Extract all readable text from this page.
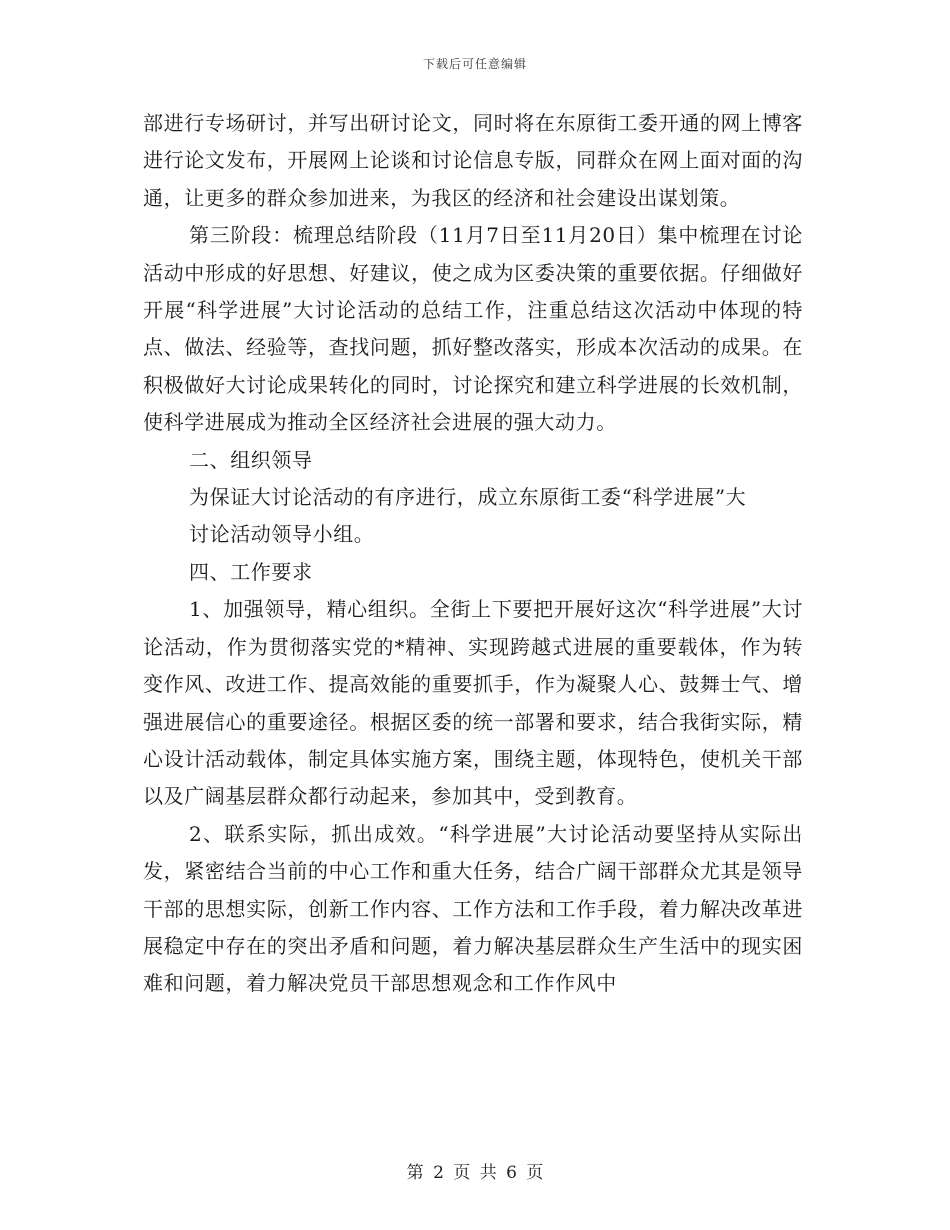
下载后可任意编辑

部进行专场研讨，并写出研讨论文，同时将在东原街工委开通的网上博客进行论文发布，开展网上论谈和讨论信息专版，同群众在网上面对面的沟通，让更多的群众参加进来，为我区的经济和社会建设出谋划策。

第三阶段：梳理总结阶段（11月7日至11月20日）集中梳理在讨论活动中形成的好思想、好建议，使之成为区委决策的重要依据。仔细做好开展“科学进展”大讨论活动的总结工作，注重总结这次活动中体现的特点、做法、经验等，查找问题，抓好整改落实，形成本次活动的成果。在积极做好大讨论成果转化的同时，讨论探究和建立科学进展的长效机制，使科学进展成为推动全区经济社会进展的强大动力。

二、组织领导

为保证大讨论活动的有序进行，成立东原街工委“科学进展”大讨论活动领导小组。

四、工作要求

1、加强领导，精心组织。全街上下要把开展好这次“科学进展”大讨论活动，作为贯彻落实党的*精神、实现跨越式进展的重要载体，作为转变作风、改进工作、提高效能的重要抓手，作为凝聚人心、鼓舞士气、增强进展信心的重要途径。根据区委的统一部署和要求，结合我街实际，精心设计活动载体，制定具体实施方案，围绕主题，体现特色，使机关干部以及广阔基层群众都行动起来，参加其中，受到教育。

2、联系实际，抓出成效。“科学进展”大讨论活动要坚持从实际出发，紧密结合当前的中心工作和重大任务，结合广阔干部群众尤其是领导干部的思想实际，创新工作内容、工作方法和工作手段，着力解决改革进展稳定中存在的突出矛盾和问题，着力解决基层群众生产生活中的现实困难和问题，着力解决党员干部思想观念和工作作风中

第 2 页 共 6 页
